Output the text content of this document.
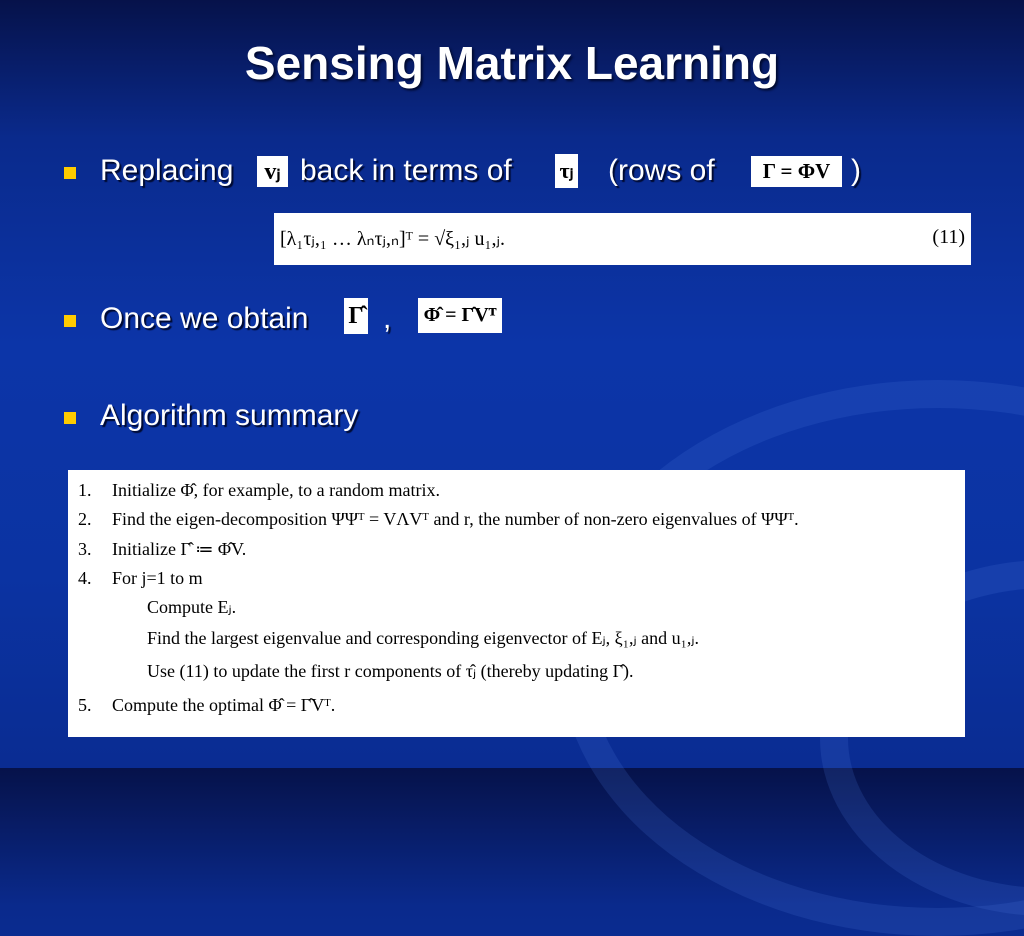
Sensing Matrix Learning
Replacing	vⱼ back in terms of τⱼ (rows of	Γ = ΦV )
[λ₁τⱼ,₁ … λₙτⱼ,ₙ]ᵀ = √ξ₁,ⱼ u₁,ⱼ.	(11)
Once we obtain Γ̂ , Φ̂ = Γ̂Vᵀ
Algorithm summary
1. Initialize Φ̂, for example, to a random matrix.
2. Find the eigen-decomposition ΨΨᵀ = VΛVᵀ and r, the number of non-zero eigenvalues of ΨΨᵀ.
3. Initialize Γ̂ ≔ Φ̂V.
4. For j=1 to m
Compute Eⱼ.
Find the largest eigenvalue and corresponding eigenvector of Eⱼ, ξ₁,ⱼ and u₁,ⱼ.
Use (11) to update the first r components of τ̂ⱼ (thereby updating Γ̂).
5. Compute the optimal Φ̂ = Γ̂Vᵀ.
